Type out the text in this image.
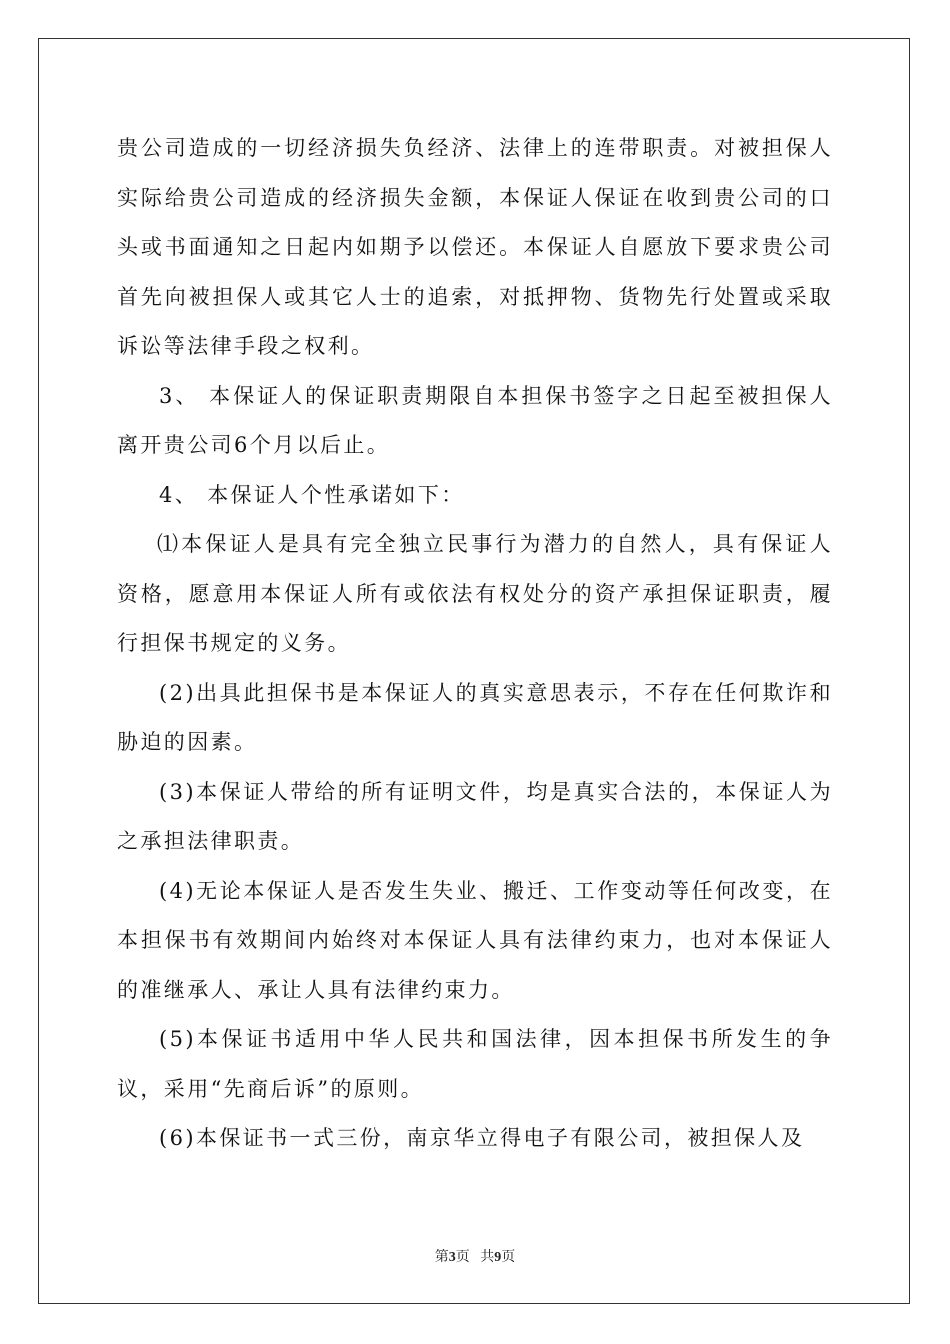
贵公司造成的一切经济损失负经济、法律上的连带职责。对被担保人实际给贵公司造成的经济损失金额，本保证人保证在收到贵公司的口头或书面通知之日起内如期予以偿还。本保证人自愿放下要求贵公司首先向被担保人或其它人士的追索，对抵押物、货物先行处置或采取诉讼等法律手段之权利。

3、 本保证人的保证职责期限自本担保书签字之日起至被担保人离开贵公司6个月以后止。

4、 本保证人个性承诺如下：

⑴本保证人是具有完全独立民事行为潜力的自然人，具有保证人资格，愿意用本保证人所有或依法有权处分的资产承担保证职责，履行担保书规定的义务。

(2)出具此担保书是本保证人的真实意思表示，不存在任何欺诈和胁迫的因素。

(3)本保证人带给的所有证明文件，均是真实合法的，本保证人为之承担法律职责。

(4)无论本保证人是否发生失业、搬迁、工作变动等任何改变，在本担保书有效期间内始终对本保证人具有法律约束力，也对本保证人的准继承人、承让人具有法律约束力。

(5)本保证书适用中华人民共和国法律，因本担保书所发生的争议，采用“先商后诉”的原则。

(6)本保证书一式三份，南京华立得电子有限公司，被担保人及

第3页   共9页
